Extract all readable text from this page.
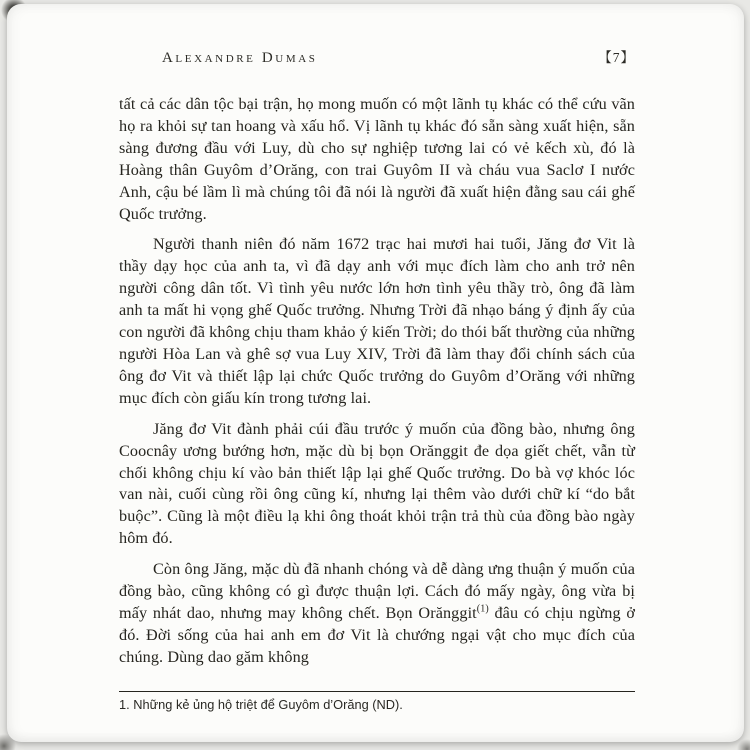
Alexandre Dumas	【7】

tất cả các dân tộc bại trận, họ mong muốn có một lãnh tụ khác có thể cứu vãn họ ra khỏi sự tan hoang và xấu hổ. Vị lãnh tụ khác đó sẵn sàng xuất hiện, sẵn sàng đương đầu với Luy, dù cho sự nghiệp tương lai có vẻ kếch xù, đó là Hoàng thân Guyôm d’Orăng, con trai Guyôm II và cháu vua Saclơ I nước Anh, cậu bé lầm lì mà chúng tôi đã nói là người đã xuất hiện đằng sau cái ghế Quốc trưởng.

Người thanh niên đó năm 1672 trạc hai mươi hai tuổi, Jăng đơ Vit là thầy dạy học của anh ta, vì đã dạy anh với mục đích làm cho anh trở nên người công dân tốt. Vì tình yêu nước lớn hơn tình yêu thầy trò, ông đã làm anh ta mất hi vọng ghế Quốc trưởng. Nhưng Trời đã nhạo báng ý định ấy của con người đã không chịu tham khảo ý kiến Trời; do thói bất thường của những người Hòa Lan và ghê sợ vua Luy XIV, Trời đã làm thay đổi chính sách của ông đơ Vit và thiết lập lại chức Quốc trưởng do Guyôm d’Orăng với những mục đích còn giấu kín trong tương lai.

Jăng đơ Vit đành phải cúi đầu trước ý muốn của đồng bào, nhưng ông Coocnây ương bướng hơn, mặc dù bị bọn Orănggit đe dọa giết chết, vẫn từ chối không chịu kí vào bản thiết lập lại ghế Quốc trưởng. Do bà vợ khóc lóc van nài, cuối cùng rồi ông cũng kí, nhưng lại thêm vào dưới chữ kí “do bắt buộc”. Cũng là một điều lạ khi ông thoát khỏi trận trả thù của đồng bào ngày hôm đó.

Còn ông Jăng, mặc dù đã nhanh chóng và dễ dàng ưng thuận ý muốn của đồng bào, cũng không có gì được thuận lợi. Cách đó mấy ngày, ông vừa bị mấy nhát dao, nhưng may không chết. Bọn Orănggit$^{(1)}$ đâu có chịu ngừng ở đó. Đời sống của hai anh em đơ Vit là chướng ngại vật cho mục đích của chúng. Dùng dao găm không

1. Những kẻ ủng hộ triệt để Guyôm d’Orăng (ND).
